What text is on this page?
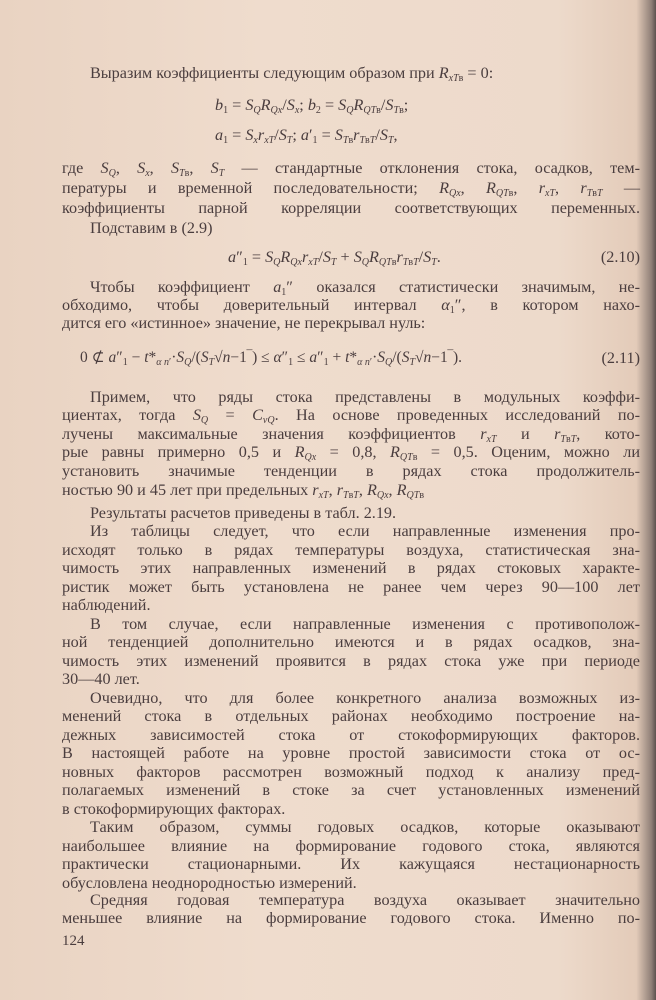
Выразим коэффициенты следующим образом при $R_{xTв} = 0$:
$b_1 = S_QR_{Qx}/S_x$; $b_2 = S_QR_{QTв}/S_{Tв}$;
$a_1 = S_xr_{xT}/S_T$; $a'_1 = S_{Tв}r_{TвT}/S_T$,
где $S_Q$, $S_x$, $S_{Tв}$, $S_T$ — стандартные отклонения стока, осадков, тем-
пературы и временной последовательности; $R_{Qx}$, $R_{QTв}$, $r_{xT}$, $r_{TвT}$ —
коэффициенты парной корреляции соответствующих переменных.
Подставим в (2.9)
$a''_1 = S_QR_{Qx}r_{xT}/S_T + S_QR_{QTв}r_{TвT}/S_T$.	(2.10)
Чтобы коэффициент $a_1''$ оказался статистически значимым, не-
обходимо, чтобы доверительный интервал $\alpha_1''$, в котором нахо-
дится его «истинное» значение, не перекрывал нуль:
0 ⊄ $a''_1$ − $t*_{\alpha n'}\cdot S_Q/(S_T√n-1‾) \le \alpha''_1 \le a''_1$ + $t*_{\alpha n'}\cdot S_Q/(S_T√n-1‾)$.	(2.11)
Примем, что ряды стока представлены в модульных коэффи-
циентах, тогда $S_Q = C_{vQ}$. На основе проведенных исследований по-
лучены максимальные значения коэффициентов $r_{xT}$ и $r_{TвT}$, кото-
рые равны примерно 0,5 и $R_{Qx} = 0,8$, $R_{QTв} = 0,5$. Оценим, можно ли
установить значимые тенденции в рядах стока продолжитель-
ностью 90 и 45 лет при предельных $r_{xT}$, $r_{TвT}$, $R_{Qx}$, $R_{QTв}$
Результаты расчетов приведены в табл. 2.19.
Из таблицы следует, что если направленные изменения про-
исходят только в рядах температуры воздуха, статистическая зна-
чимость этих направленных изменений в рядах стоковых характе-
ристик может быть установлена не ранее чем через 90—100 лет
наблюдений.
В том случае, если направленные изменения с противополож-
ной тенденцией дополнительно имеются и в рядах осадков, зна-
чимость этих изменений проявится в рядах стока уже при периоде
30—40 лет.
Очевидно, что для более конкретного анализа возможных из-
менений стока в отдельных районах необходимо построение на-
дежных зависимостей стока от стокоформирующих факторов.
В настоящей работе на уровне простой зависимости стока от ос-
новных факторов рассмотрен возможный подход к анализу пред-
полагаемых изменений в стоке за счет установленных изменений
в стокоформирующих факторах.
Таким образом, суммы годовых осадков, которые оказывают
наибольшее влияние на формирование годового стока, являются
практически стационарными. Их кажущаяся нестационарность
обусловлена неоднородностью измерений.
Средняя годовая температура воздуха оказывает значительно
меньшее влияние на формирование годового стока. Именно по-
124
